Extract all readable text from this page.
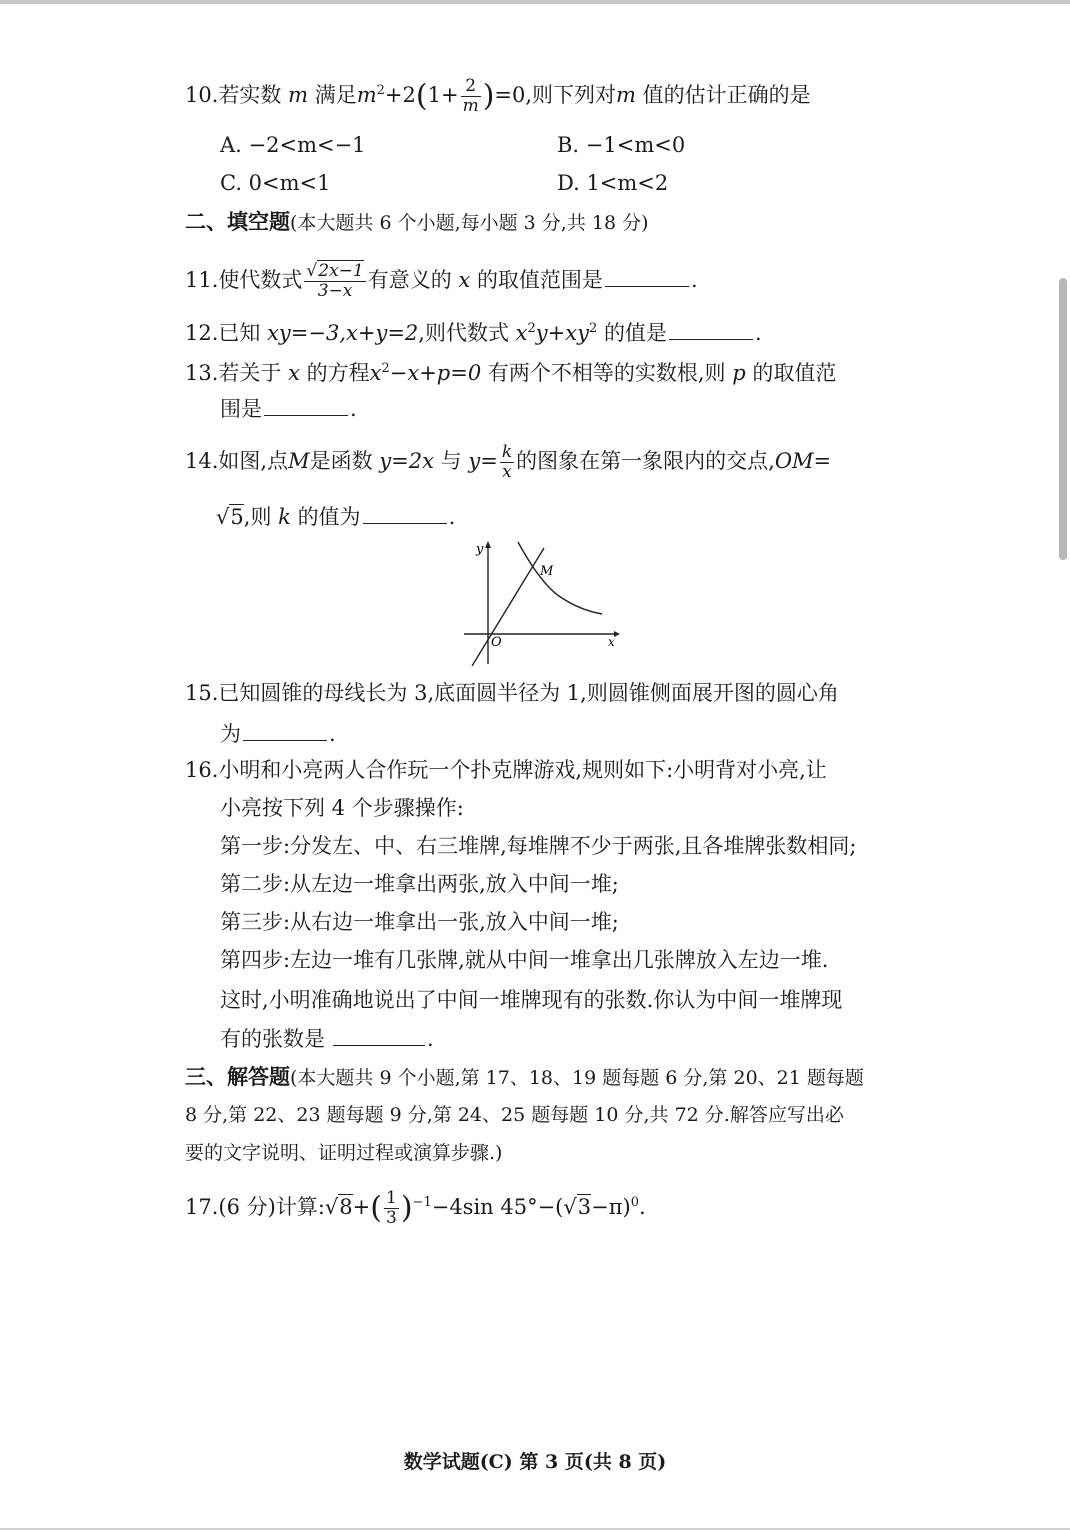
10.若实数 m 满足$m^2+2(1+ \frac{2}{m} )=0$,则下列对m 值的估计正确的是
A. −2<m<−1	B. −1<m<0
C. 0<m<1	D. 1<m<2
二、填空题(本大题共 6 个小题,每小题 3 分,共 18 分)
11.使代数式 $\frac{√2x-1}{3-x}$ 有意义的 x 的取值范围是	.
12.已知 xy=−3,x+y=2,则代数式 $x^2y+xy^2$ 的值是	.
13.若关于 x 的方程$x^2-x+p=0$ 有两个不相等的实数根,则 p 的取值范
围是	.
14.如图,点M是函数 y=2x 与 $y= \frac{k}{x}$ 的图象在第一象限内的交点,OM=
√5,则 k 的值为	.
y
x
O
M
15.已知圆锥的母线长为 3,底面圆半径为 1,则圆锥侧面展开图的圆心角
为	.
16.小明和小亮两人合作玩一个扑克牌游戏,规则如下:小明背对小亮,让
小亮按下列 4 个步骤操作:
第一步:分发左、中、右三堆牌,每堆牌不少于两张,且各堆牌张数相同;
第二步:从左边一堆拿出两张,放入中间一堆;
第三步:从右边一堆拿出一张,放入中间一堆;
第四步:左边一堆有几张牌,就从中间一堆拿出几张牌放入左边一堆.
这时,小明准确地说出了中间一堆牌现有的张数.你认为中间一堆牌现
有的张数是	.
三、解答题(本大题共 9 个小题,第 17、18、19 题每题 6 分,第 20、21 题每题
8 分,第 22、23 题每题 9 分,第 24、25 题每题 10 分,共 72 分.解答应写出必
要的文字说明、证明过程或演算步骤.)
17.(6 分)计算:√8+( $\frac{1}{3} )^{-1}-4\sin$ $45^\circ-(√3-\pi)^0$.
数学试题(C) 第 3 页(共 8 页)
